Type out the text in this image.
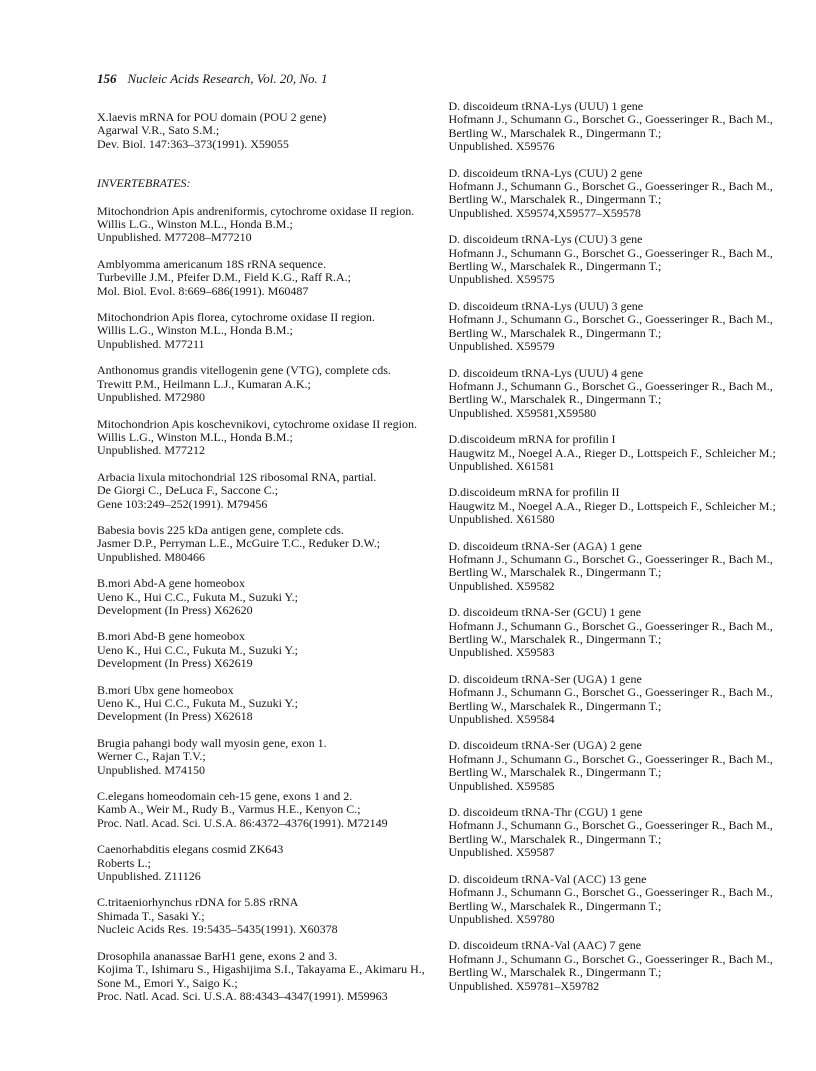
156 Nucleic Acids Research, Vol. 20, No. 1
X.laevis mRNA for POU domain (POU 2 gene)
Agarwal V.R., Sato S.M.;
Dev. Biol. 147:363–373(1991). X59055
INVERTEBRATES:
Mitochondrion Apis andreniformis, cytochrome oxidase II region.
Willis L.G., Winston M.L., Honda B.M.;
Unpublished. M77208–M77210
Amblyomma americanum 18S rRNA sequence.
Turbeville J.M., Pfeifer D.M., Field K.G., Raff R.A.;
Mol. Biol. Evol. 8:669–686(1991). M60487
Mitochondrion Apis florea, cytochrome oxidase II region.
Willis L.G., Winston M.L., Honda B.M.;
Unpublished. M77211
Anthonomus grandis vitellogenin gene (VTG), complete cds.
Trewitt P.M., Heilmann L.J., Kumaran A.K.;
Unpublished. M72980
Mitochondrion Apis koschevnikovi, cytochrome oxidase II region.
Willis L.G., Winston M.L., Honda B.M.;
Unpublished. M77212
Arbacia lixula mitochondrial 12S ribosomal RNA, partial.
De Giorgi C., DeLuca F., Saccone C.;
Gene 103:249–252(1991). M79456
Babesia bovis 225 kDa antigen gene, complete cds.
Jasmer D.P., Perryman L.E., McGuire T.C., Reduker D.W.;
Unpublished. M80466
B.mori Abd-A gene homeobox
Ueno K., Hui C.C., Fukuta M., Suzuki Y.;
Development (In Press) X62620
B.mori Abd-B gene homeobox
Ueno K., Hui C.C., Fukuta M., Suzuki Y.;
Development (In Press) X62619
B.mori Ubx gene homeobox
Ueno K., Hui C.C., Fukuta M., Suzuki Y.;
Development (In Press) X62618
Brugia pahangi body wall myosin gene, exon 1.
Werner C., Rajan T.V.;
Unpublished. M74150
C.elegans homeodomain ceh-15 gene, exons 1 and 2.
Kamb A., Weir M., Rudy B., Varmus H.E., Kenyon C.;
Proc. Natl. Acad. Sci. U.S.A. 86:4372–4376(1991). M72149
Caenorhabditis elegans cosmid ZK643
Roberts L.;
Unpublished. Z11126
C.tritaeniorhynchus rDNA for 5.8S rRNA
Shimada T., Sasaki Y.;
Nucleic Acids Res. 19:5435–5435(1991). X60378
Drosophila ananassae BarH1 gene, exons 2 and 3.
Kojima T., Ishimaru S., Higashijima S.I., Takayama E., Akimaru H., Sone M., Emori Y., Saigo K.;
Proc. Natl. Acad. Sci. U.S.A. 88:4343–4347(1991). M59963
D. discoideum tRNA-Lys (UUU) 1 gene
Hofmann J., Schumann G., Borschet G., Goesseringer R., Bach M., Bertling W., Marschalek R., Dingermann T.;
Unpublished. X59576
D. discoideum tRNA-Lys (CUU) 2 gene
Hofmann J., Schumann G., Borschet G., Goesseringer R., Bach M., Bertling W., Marschalek R., Dingermann T.;
Unpublished. X59574,X59577–X59578
D. discoideum tRNA-Lys (CUU) 3 gene
Hofmann J., Schumann G., Borschet G., Goesseringer R., Bach M., Bertling W., Marschalek R., Dingermann T.;
Unpublished. X59575
D. discoideum tRNA-Lys (UUU) 3 gene
Hofmann J., Schumann G., Borschet G., Goesseringer R., Bach M., Bertling W., Marschalek R., Dingermann T.;
Unpublished. X59579
D. discoideum tRNA-Lys (UUU) 4 gene
Hofmann J., Schumann G., Borschet G., Goesseringer R., Bach M., Bertling W., Marschalek R., Dingermann T.;
Unpublished. X59581,X59580
D.discoideum mRNA for profilin I
Haugwitz M., Noegel A.A., Rieger D., Lottspeich F., Schleicher M.;
Unpublished. X61581
D.discoideum mRNA for profilin II
Haugwitz M., Noegel A.A., Rieger D., Lottspeich F., Schleicher M.;
Unpublished. X61580
D. discoideum tRNA-Ser (AGA) 1 gene
Hofmann J., Schumann G., Borschet G., Goesseringer R., Bach M., Bertling W., Marschalek R., Dingermann T.;
Unpublished. X59582
D. discoideum tRNA-Ser (GCU) 1 gene
Hofmann J., Schumann G., Borschet G., Goesseringer R., Bach M., Bertling W., Marschalek R., Dingermann T.;
Unpublished. X59583
D. discoideum tRNA-Ser (UGA) 1 gene
Hofmann J., Schumann G., Borschet G., Goesseringer R., Bach M., Bertling W., Marschalek R., Dingermann T.;
Unpublished. X59584
D. discoideum tRNA-Ser (UGA) 2 gene
Hofmann J., Schumann G., Borschet G., Goesseringer R., Bach M., Bertling W., Marschalek R., Dingermann T.;
Unpublished. X59585
D. discoideum tRNA-Thr (CGU) 1 gene
Hofmann J., Schumann G., Borschet G., Goesseringer R., Bach M., Bertling W., Marschalek R., Dingermann T.;
Unpublished. X59587
D. discoideum tRNA-Val (ACC) 13 gene
Hofmann J., Schumann G., Borschet G., Goesseringer R., Bach M., Bertling W., Marschalek R., Dingermann T.;
Unpublished. X59780
D. discoideum tRNA-Val (AAC) 7 gene
Hofmann J., Schumann G., Borschet G., Goesseringer R., Bach M., Bertling W., Marschalek R., Dingermann T.;
Unpublished. X59781–X59782
